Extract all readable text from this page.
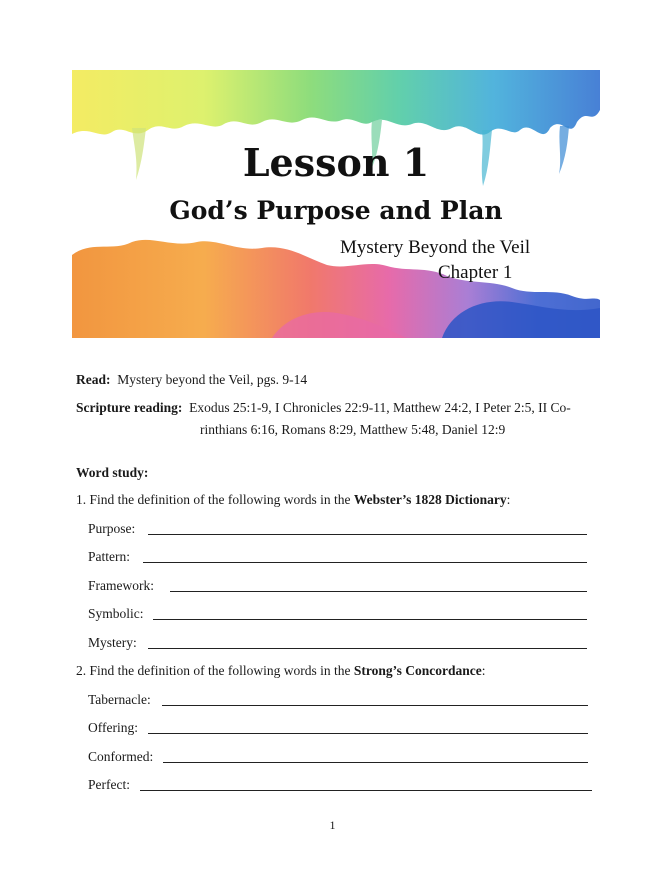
Lesson 1
God’s Purpose and Plan
Mystery Beyond the Veil
Chapter 1
Read: Mystery beyond the Veil, pgs. 9-14
Scripture reading: Exodus 25:1-9, I Chronicles 22:9-11, Matthew 24:2, I Peter 2:5, II Co-
rinthians 6:16, Romans 8:29, Matthew 5:48, Daniel 12:9
Word study:
1. Find the definition of the following words in the Webster’s 1828 Dictionary:
Purpose:
Pattern:
Framework:
Symbolic:
Mystery:
2. Find the definition of the following words in the Strong’s Concordance:
Tabernacle:
Offering:
Conformed:
Perfect:
1
